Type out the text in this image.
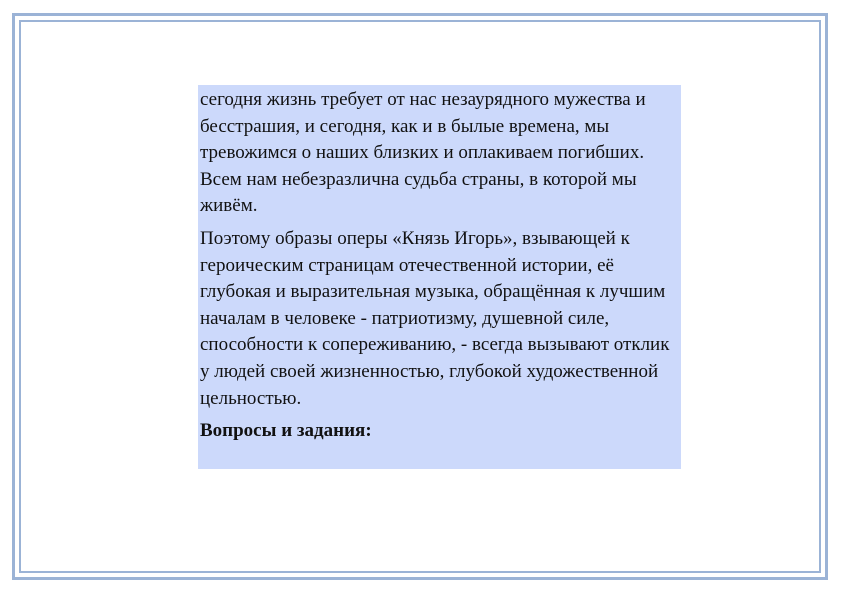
сегодня жизнь требует от нас незаурядного мужества и бесстрашия, и сегодня, как и в былые времена, мы тревожимся о наших близких и оплакиваем погибших. Всем нам небезразлична судьба страны, в которой мы живём.

Поэтому образы оперы «Князь Игорь», взывающей к героическим страницам отечественной истории, её глубокая и выразительная музыка, обращённая к лучшим началам в человеке - патриотизму, душевной силе, способности к сопереживанию, - всегда вызывают отклик у людей своей жизненностью, глубокой художественной цельностью.

Вопросы и задания:
